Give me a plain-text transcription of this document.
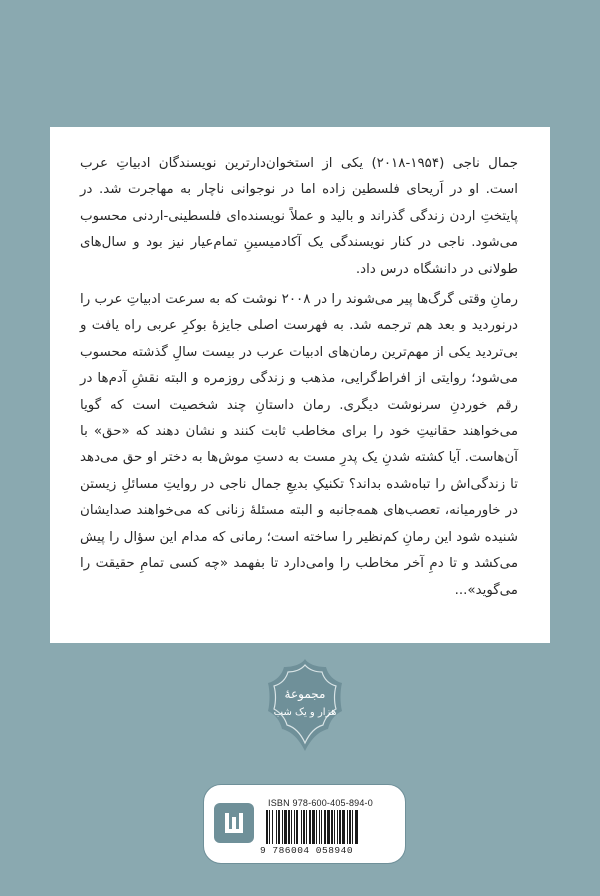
جمال ناجی (۱۹۵۴-۲۰۱۸) یکی از استخوان‌دارترین نویسندگان ادبیاتِ عرب است. او در اَریحای فلسطین زاده اما در نوجوانی ناچار به مهاجرت شد. در پایتختِ اردن زندگی گذراند و بالید و عملاً نویسنده‌ای فلسطینی-اردنی محسوب می‌شود. ناجی در کنار نویسندگی یک آکادمیسینِ تمام‌عیار نیز بود و سال‌های طولانی در دانشگاه درس داد.

رمانِ وقتی گرگ‌ها پیر می‌شوند را در ۲۰۰۸ نوشت که به سرعت ادبیاتِ عرب را درنوردید و بعد هم ترجمه شد. به فهرست اصلی جایزهٔ بوکرِ عربی راه یافت و بی‌تردید یکی از مهم‌ترین رمان‌های ادبیات عرب در بیست سالِ گذشته محسوب می‌شود؛ روایتی از افراط‌گرایی، مذهب و زندگی روزمره و البته نقشِ آدم‌ها در رقم خوردنِ سرنوشت دیگری. رمان داستانِ چند شخصیت است که گویا می‌خواهند حقانیتِ خود را برای مخاطب ثابت کنند و نشان دهند که «حق» با آن‌هاست. آیا کشته شدنِ یک پدرِ مست به دستِ موش‌ها به دختر او حق می‌دهد تا زندگی‌اش را تباه‌شده بداند؟ تکنیکِ بدیعِ جمال ناجی در روایتِ مسائلِ زیستن در خاورمیانه، تعصب‌های همه‌جانبه و البته مسئلهٔ زنانی که می‌خواهند صدایشان شنیده شود این رمانِ کم‌نظیر را ساخته است؛ رمانی که مدام این سؤال را پیش می‌کشد و تا دمِ آخر مخاطب را وامی‌دارد تا بفهمد «چه کسی تمامِ حقیقت را می‌گوید»...

مجموعهٔ
هزار و یک شب
ISBN 978-600-405-894-0
9 786004 058940
